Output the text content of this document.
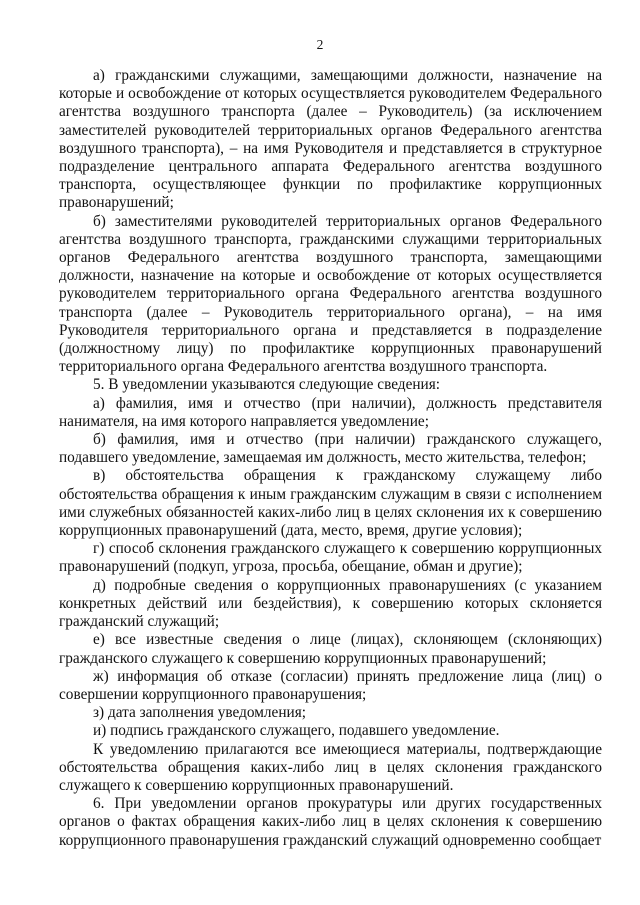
2

а) гражданскими служащими, замещающими должности, назначение на которые и освобождение от которых осуществляется руководителем Федерального агентства воздушного транспорта (далее – Руководитель) (за исключением заместителей руководителей территориальных органов Федерального агентства воздушного транспорта), – на имя Руководителя и представляется в структурное подразделение центрального аппарата Федерального агентства воздушного транспорта, осуществляющее функции по профилактике коррупционных правонарушений;

б) заместителями руководителей территориальных органов Федерального агентства воздушного транспорта, гражданскими служащими территориальных органов Федерального агентства воздушного транспорта, замещающими должности, назначение на которые и освобождение от которых осуществляется руководителем территориального органа Федерального агентства воздушного транспорта (далее – Руководитель территориального органа), – на имя Руководителя территориального органа и представляется в подразделение (должностному лицу) по профилактике коррупционных правонарушений территориального органа Федерального агентства воздушного транспорта.

5. В уведомлении указываются следующие сведения:

а) фамилия, имя и отчество (при наличии), должность представителя нанимателя, на имя которого направляется уведомление;

б) фамилия, имя и отчество (при наличии) гражданского служащего, подавшего уведомление, замещаемая им должность, место жительства, телефон;

в) обстоятельства обращения к гражданскому служащему либо обстоятельства обращения к иным гражданским служащим в связи с исполнением ими служебных обязанностей каких-либо лиц в целях склонения их к совершению коррупционных правонарушений (дата, место, время, другие условия);

г) способ склонения гражданского служащего к совершению коррупционных правонарушений (подкуп, угроза, просьба, обещание, обман и другие);

д) подробные сведения о коррупционных правонарушениях (с указанием конкретных действий или бездействия), к совершению которых склоняется гражданский служащий;

е) все известные сведения о лице (лицах), склоняющем (склоняющих) гражданского служащего к совершению коррупционных правонарушений;

ж) информация об отказе (согласии) принять предложение лица (лиц) о совершении коррупционного правонарушения;

з) дата заполнения уведомления;

и) подпись гражданского служащего, подавшего уведомление.

К уведомлению прилагаются все имеющиеся материалы, подтверждающие обстоятельства обращения каких-либо лиц в целях склонения гражданского служащего к совершению коррупционных правонарушений.

6. При уведомлении органов прокуратуры или других государственных органов о фактах обращения каких-либо лиц в целях склонения к совершению коррупционного правонарушения гражданский служащий одновременно сообщает
